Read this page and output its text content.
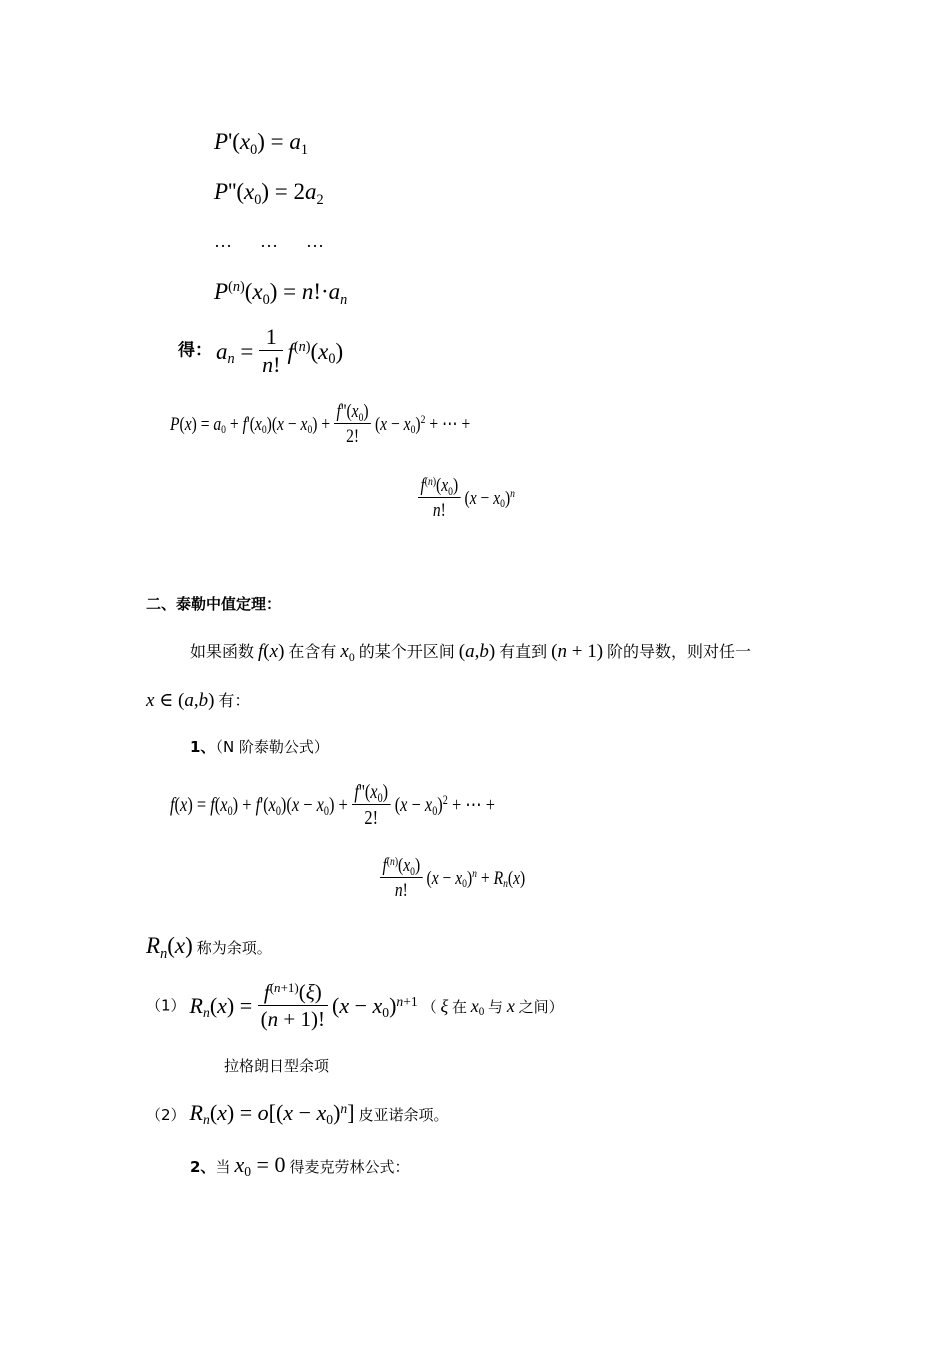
$P'(x_0) = a_1$
$P''(x_0) = 2a_2$
…    …    …
$P^{(n)}(x_0) = n!\cdot a_n$
得： $a_n = \frac{1}{n!} f^{(n)}(x_0)$
$P(x) = a_0 + f'(x_0)(x - x_0) + \frac{f''(x_0)}{2!} (x - x_0)^2$ + ⋯ +
$\frac{f^{(n)}(x_0)}{n!} (x - x_0)^n$
二、泰勒中值定理：
如果函数 f(x) 在含有 $x_0$ 的某个开区间 (a,b) 有直到 (n + 1) 阶的导数，则对任一
x ∈ (a,b) 有：
1、（N 阶泰勒公式）
$f(x) = f(x_0) + f'(x_0)(x - x_0) + \frac{f''(x_0)}{2!} (x - x_0)^2$ + ⋯ +
$\frac{f^{(n)}(x_0)}{n!} (x - x_0)^n + R_n(x)$
$R_n(x)$ 称为余项。
（1） $R_n(x) = \frac{f^{(n+1)}(\xi)}{(n + 1)!} (x - x_0)^{n+1}$ （ ξ 在 $x_0$ 与 x 之间）
拉格朗日型余项
（2） $R_n(x) = o[(x - x_0)^n]$ 皮亚诺余项。
2、当 $x_0 = 0$ 得麦克劳林公式：
